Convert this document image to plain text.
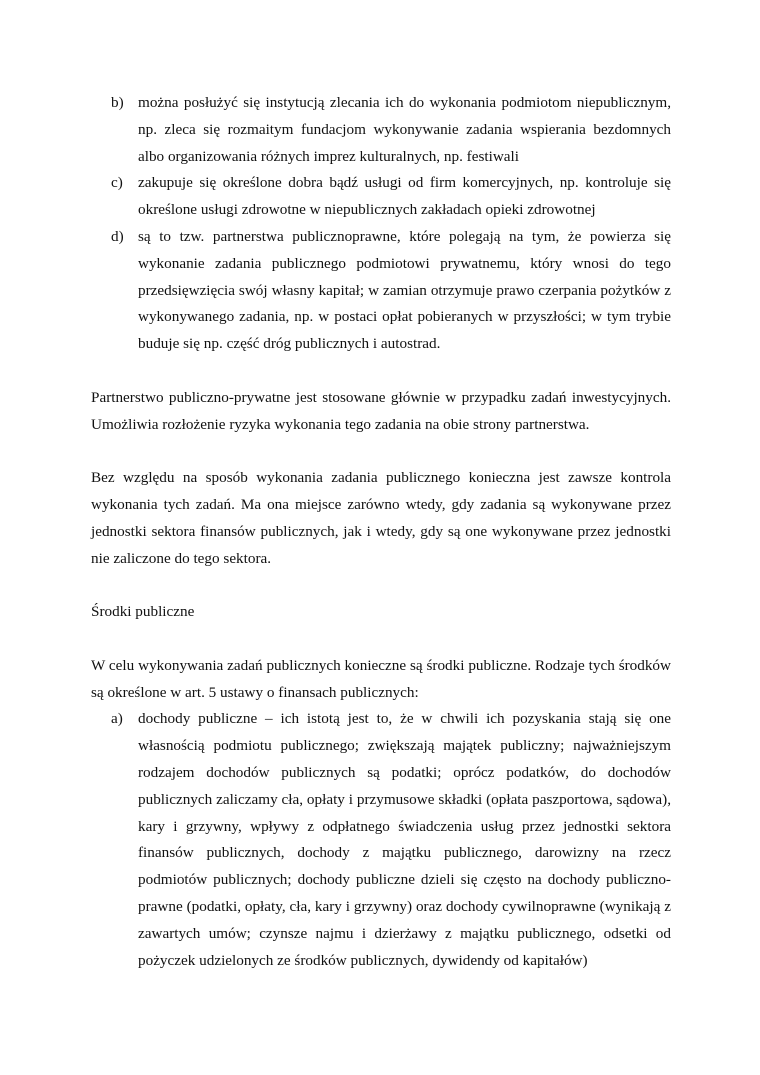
b) można posłużyć się instytucją zlecania ich do wykonania podmiotom niepublicznym, np. zleca się rozmaitym fundacjom wykonywanie zadania wspierania bezdomnych albo organizowania różnych imprez kulturalnych, np. festiwali
c) zakupuje się określone dobra bądź usługi od firm komercyjnych, np. kontroluje się określone usługi zdrowotne w niepublicznych zakładach opieki zdrowotnej
d) są to tzw. partnerstwa publicznoprawne, które polegają na tym, że powierza się wykonanie zadania publicznego podmiotowi prywatnemu, który wnosi do tego przedsięwzięcia swój własny kapitał; w zamian otrzymuje prawo czerpania pożytków z wykonywanego zadania, np. w postaci opłat pobieranych w przyszłości; w tym trybie buduje się np. część dróg publicznych i autostrad.

Partnerstwo publiczno-prywatne jest stosowane głównie w przypadku zadań inwestycyjnych. Umożliwia rozłożenie ryzyka wykonania tego zadania na obie strony partnerstwa.

Bez względu na sposób wykonania zadania publicznego konieczna jest zawsze kontrola wykonania tych zadań. Ma ona miejsce zarówno wtedy, gdy zadania są wykonywane przez jednostki sektora finansów publicznych, jak i wtedy, gdy są one wykonywane przez jednostki nie zaliczone do tego sektora.

Środki publiczne

W celu wykonywania zadań publicznych konieczne są środki publiczne. Rodzaje tych środków są określone w art. 5 ustawy o finansach publicznych:

a) dochody publiczne – ich istotą jest to, że w chwili ich pozyskania stają się one własnością podmiotu publicznego; zwiększają majątek publiczny; najważniejszym rodzajem dochodów publicznych są podatki; oprócz podatków, do dochodów publicznych zaliczamy cła, opłaty i przymusowe składki (opłata paszportowa, sądowa), kary i grzywny, wpływy z odpłatnego świadczenia usług przez jednostki sektora finansów publicznych, dochody z majątku publicznego, darowizny na rzecz podmiotów publicznych; dochody publiczne dzieli się często na dochody publiczno-prawne (podatki, opłaty, cła, kary i grzywny) oraz dochody cywilnoprawne (wynikają z zawartych umów; czynsze najmu i dzierżawy z majątku publicznego, odsetki od pożyczek udzielonych ze środków publicznych, dywidendy od kapitałów)
